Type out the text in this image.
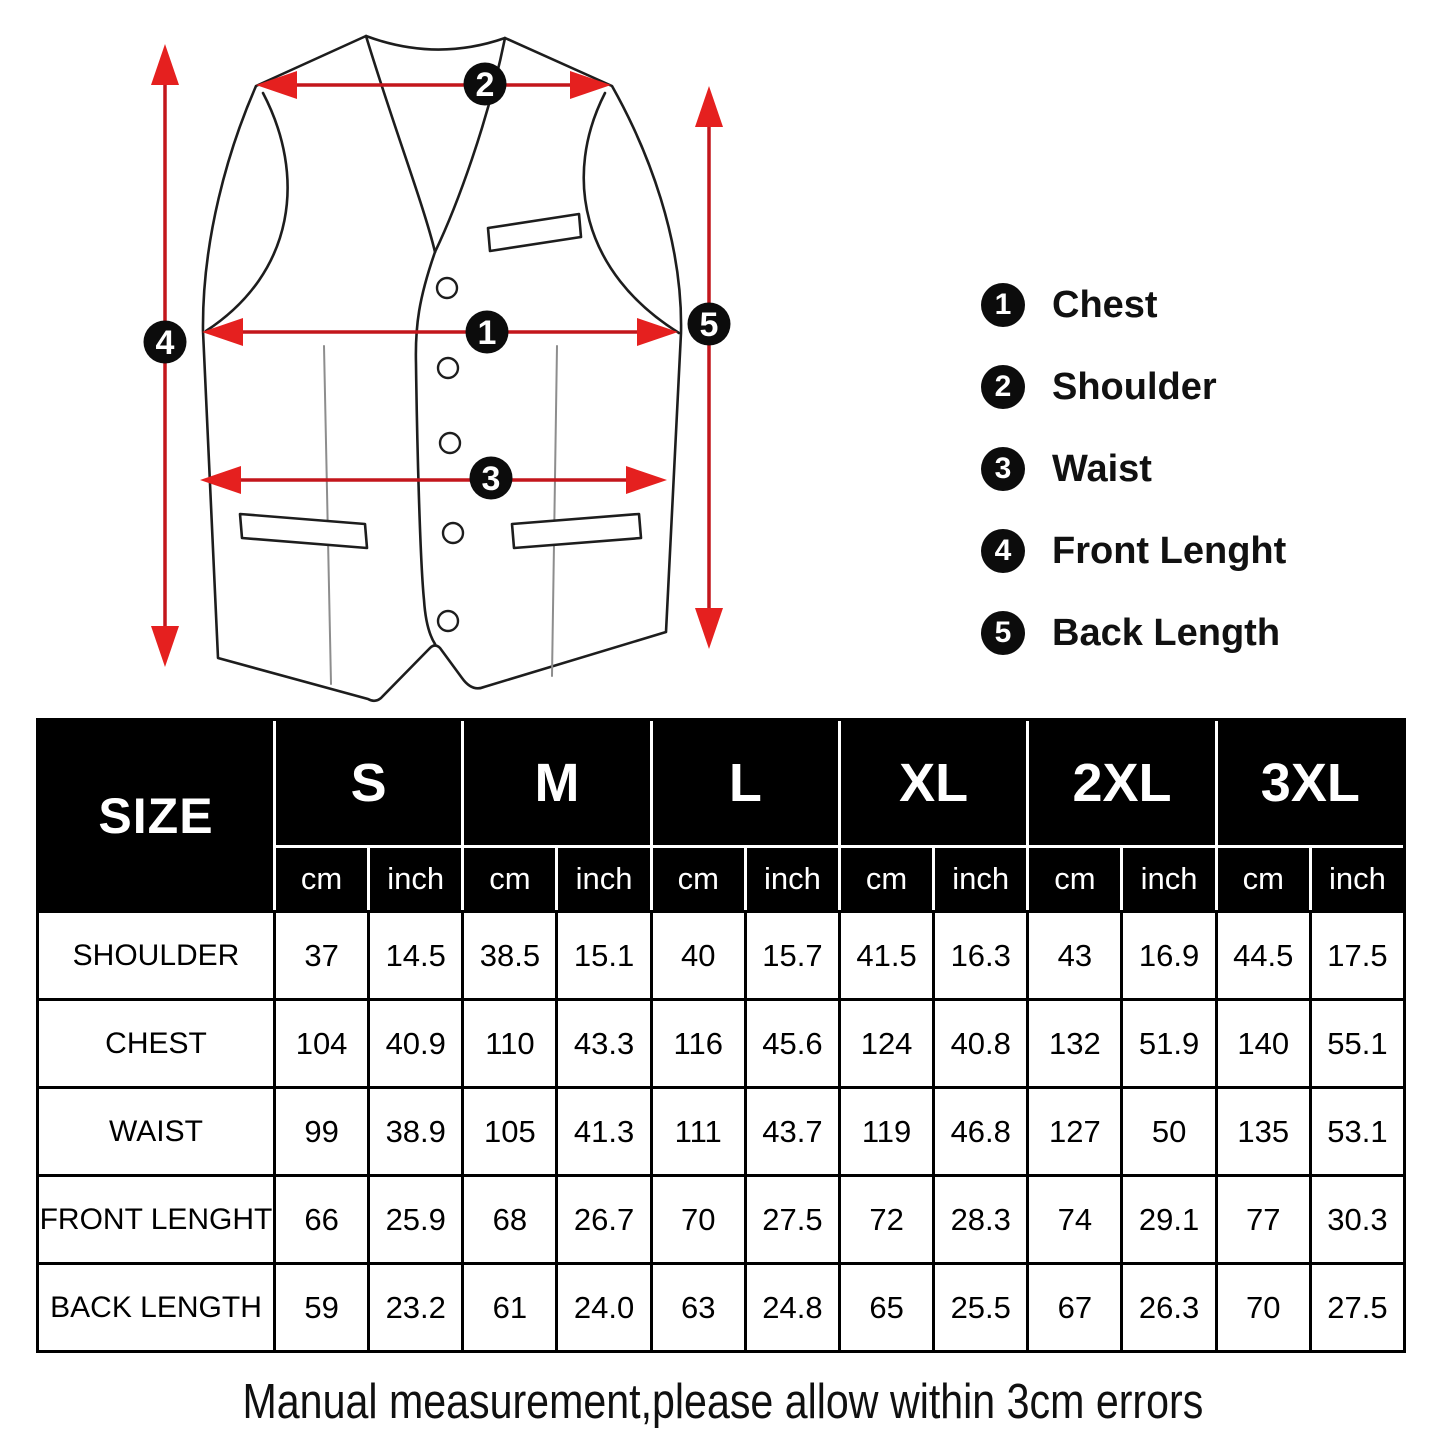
1
2
3
4	5
1	Chest
2	Shoulder
3	Waist
4	Front Lenght
5	Back Length
SIZE
S	M	L	XL	2XL	3XL
cm	inch	cm	inch	cm	inch	cm	inch	cm	inch	cm	inch
SHOULDER	37	14.5	38.5	15.1	40	15.7	41.5	16.3	43	16.9	44.5	17.5
CHEST	104	40.9	110	43.3	116	45.6	124	40.8	132	51.9	140	55.1
WAIST	99	38.9	105	41.3	111	43.7	119	46.8	127	50	135	53.1
FRONT LENGHT	66	25.9	68	26.7	70	27.5	72	28.3	74	29.1	77	30.3
BACK LENGTH	59	23.2	61	24.0	63	24.8	65	25.5	67	26.3	70	27.5
Manual measurement,please allow within 3cm errors
